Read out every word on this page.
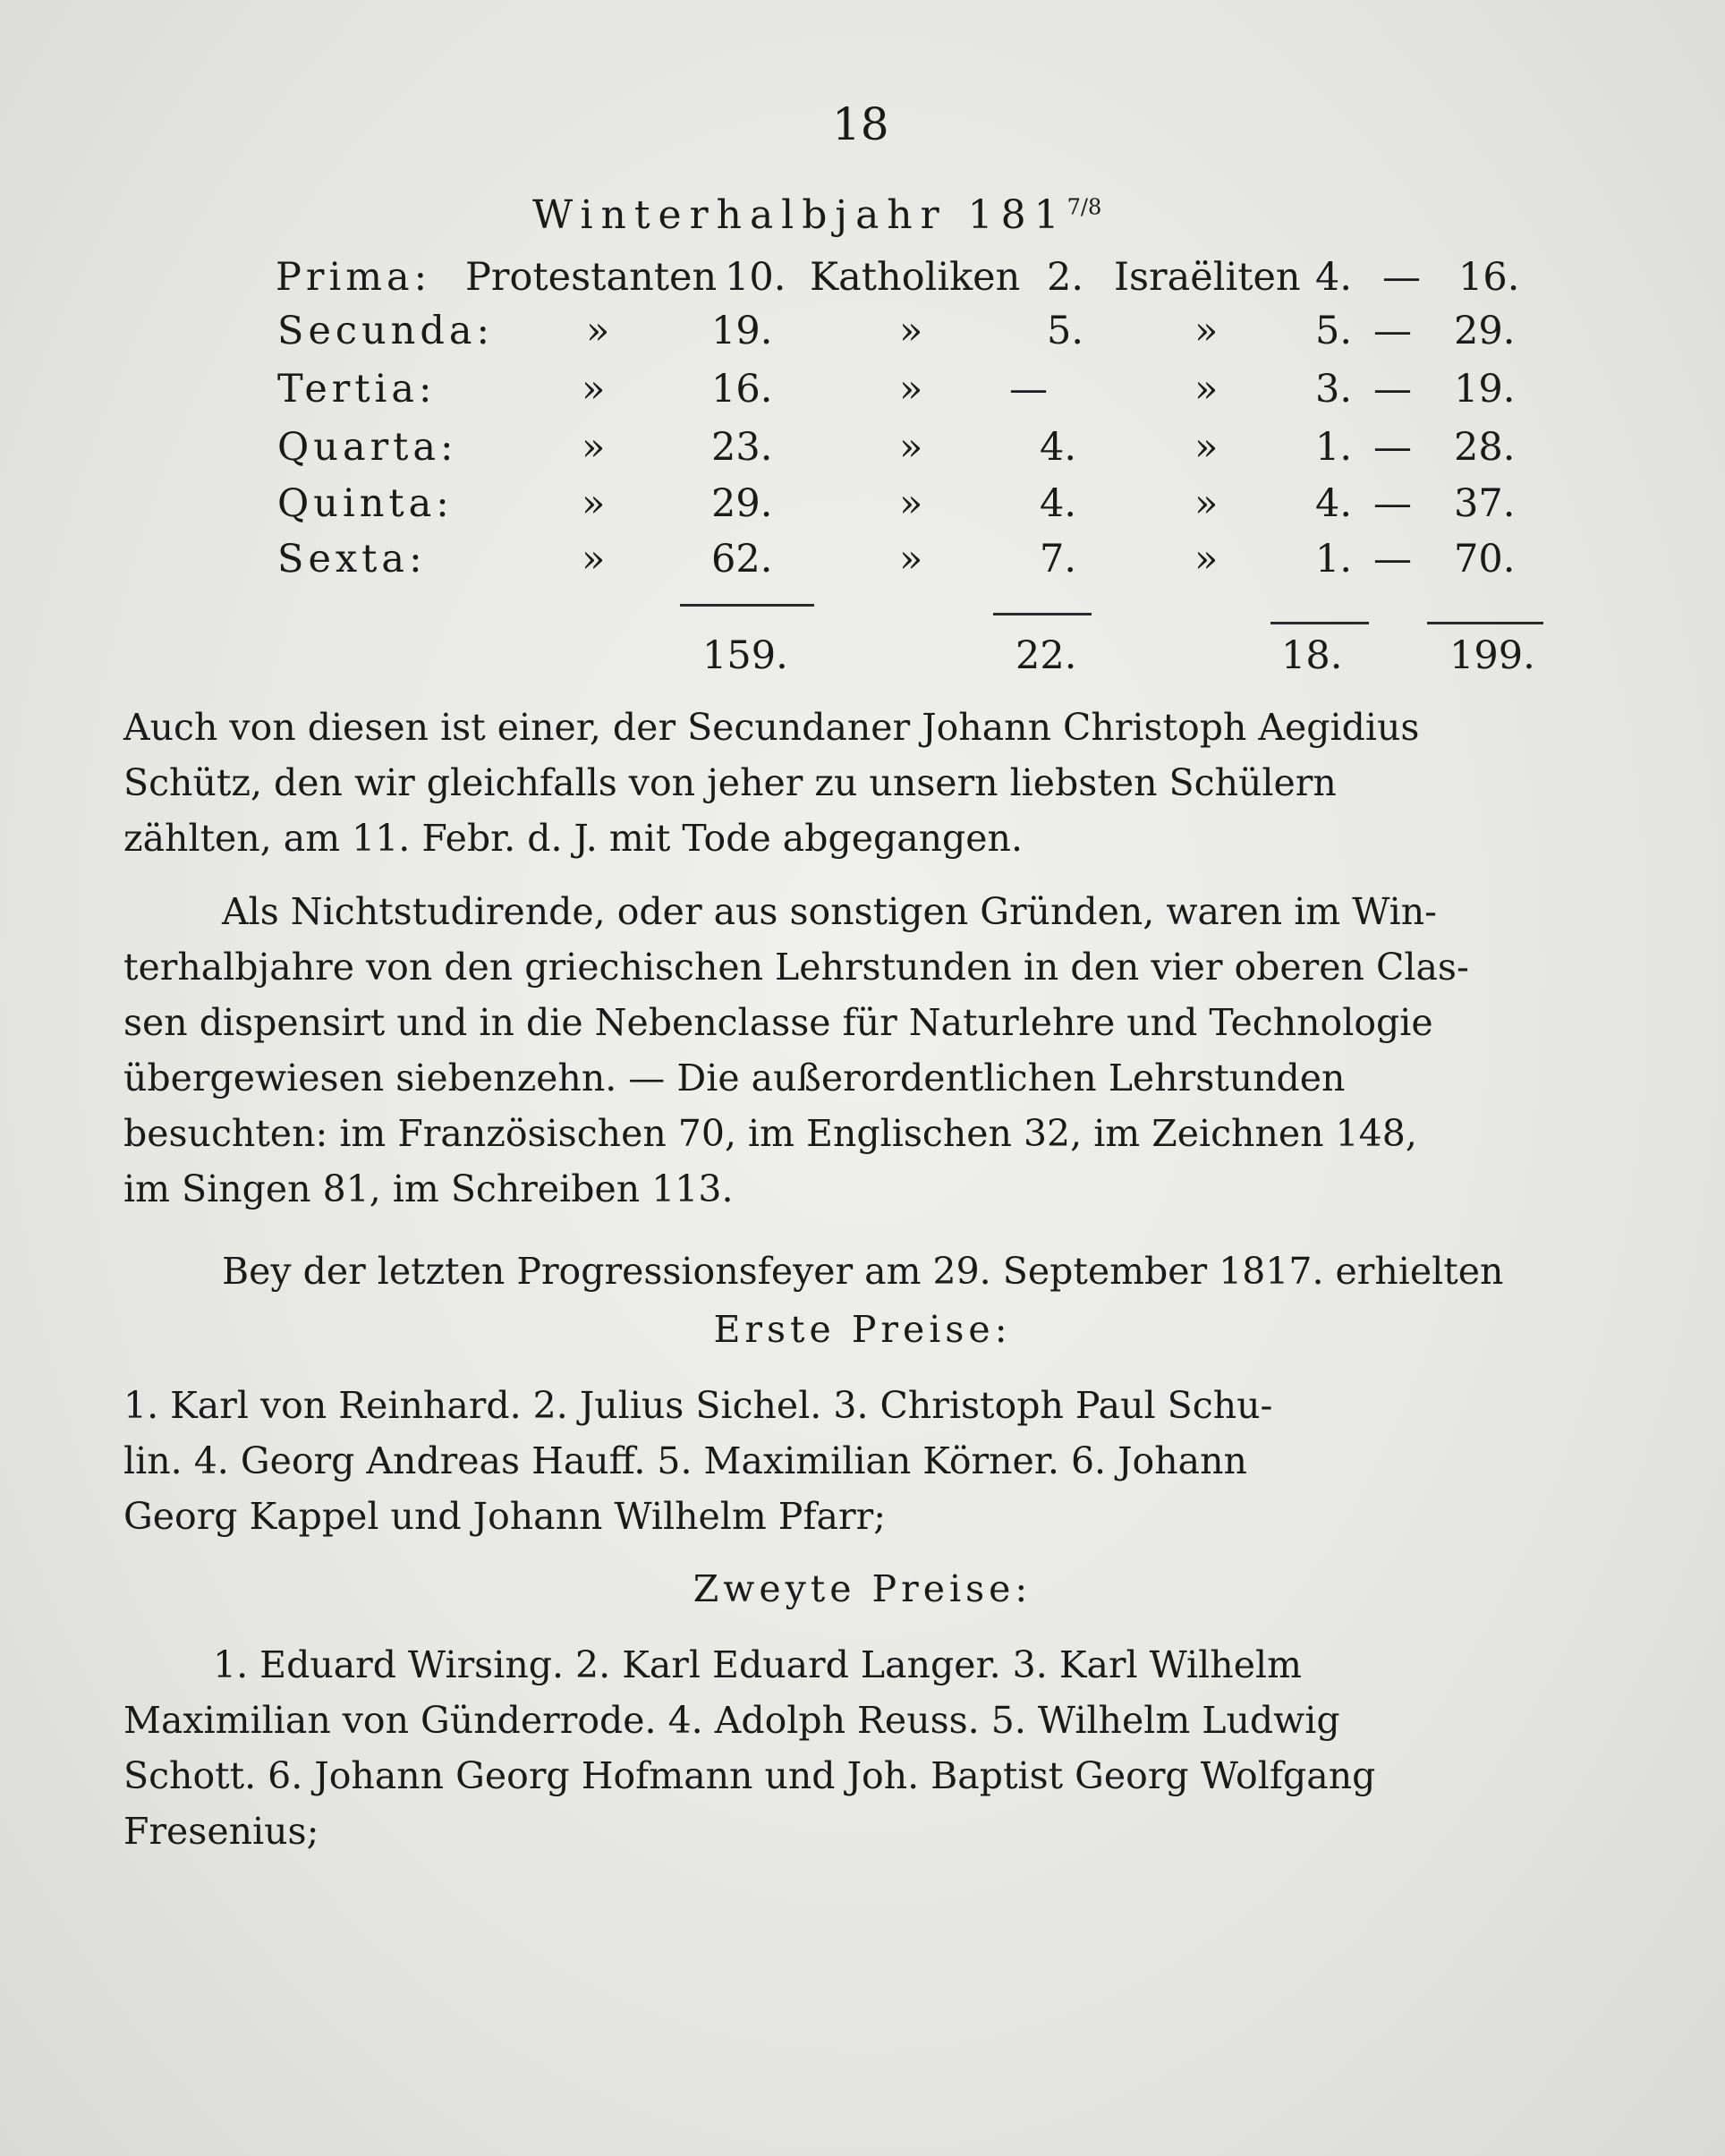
18
Winterhalbjahr $181^{7/8}$
Prima: Protestanten 10. Katholiken 2. Israëliten 4. — 16.
Secunda: »	19.	»	5.	»	5. — 29.
Tertia:	»	16.	» —	»	3. — 19.
Quarta:	»	23.	»	4.	»	1. — 28.
Quinta:	»	29.	»	4.	»	4. — 37.
Sexta:	»	62.	»	7.	»	1. — 70.
159.	22.	18.	199.
Auch von diesen ist einer, der Secundaner Johann Christoph Aegidius
Schütz, den wir gleichfalls von jeher zu unsern liebsten Schülern
zählten, am 11. Febr. d. J. mit Tode abgegangen.
Als Nichtstudirende, oder aus sonstigen Gründen, waren im Win-
terhalbjahre von den griechischen Lehrstunden in den vier oberen Clas-
sen dispensirt und in die Nebenclasse für Naturlehre und Technologie
übergewiesen siebenzehn. — Die außerordentlichen Lehrstunden
besuchten: im Französischen 70, im Englischen 32, im Zeichnen 148,
im Singen 81, im Schreiben 113.
Bey der letzten Progressionsfeyer am 29. September 1817. erhielten
Erste Preise:
1. Karl von Reinhard. 2. Julius Sichel. 3. Christoph Paul Schu-
lin. 4. Georg Andreas Hauff. 5. Maximilian Körner. 6. Johann
Georg Kappel und Johann Wilhelm Pfarr;
Zweyte Preise:
1. Eduard Wirsing. 2. Karl Eduard Langer. 3. Karl Wilhelm
Maximilian von Günderrode. 4. Adolph Reuss. 5. Wilhelm Ludwig
Schott. 6. Johann Georg Hofmann und Joh. Baptist Georg Wolfgang
Fresenius;
